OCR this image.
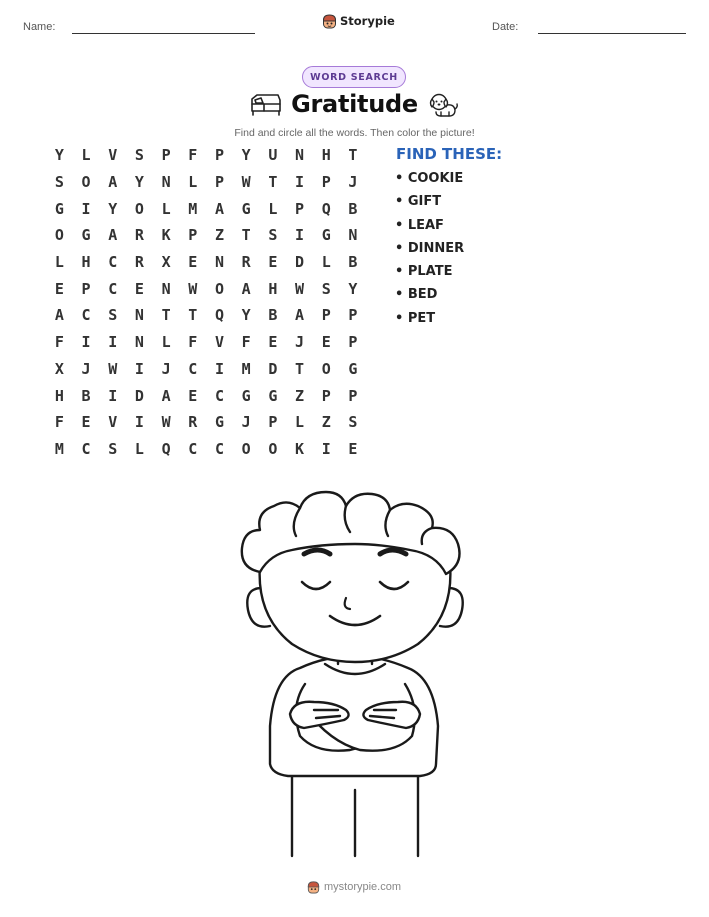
Name:	Storypie	Date:
WORD SEARCH
Gratitude
Find and circle all the words. Then color the picture!
Y	L	V	S	P	F	P	Y	U	N	H	T
S	O	A	Y	N	L	P	W	T	I	P	J
G	I	Y	O	L	M	A	G	L	P	Q	B
O	G	A	R	K	P	Z	T	S	I	G	N
L	H	C	R	X	E	N	R	E	D	L	B
E	P	C	E	N	W	O	A	H	W	S	Y
A	C	S	N	T	T	Q	Y	B	A	P	P
F	I	I	N	L	F	V	F	E	J	E	P
X	J	W	I	J	C	I	M	D	T	O	G
H	B	I	D	A	E	C	G	G	Z	P	P
F	E	V	I	W	R	G	J	P	L	Z	S
M	C	S	L	Q	C	C	O	O	K	I	E
FIND THESE:
• COOKIE
• GIFT
• LEAF
• DINNER
• PLATE
• BED
• PET
mystorypie.com
